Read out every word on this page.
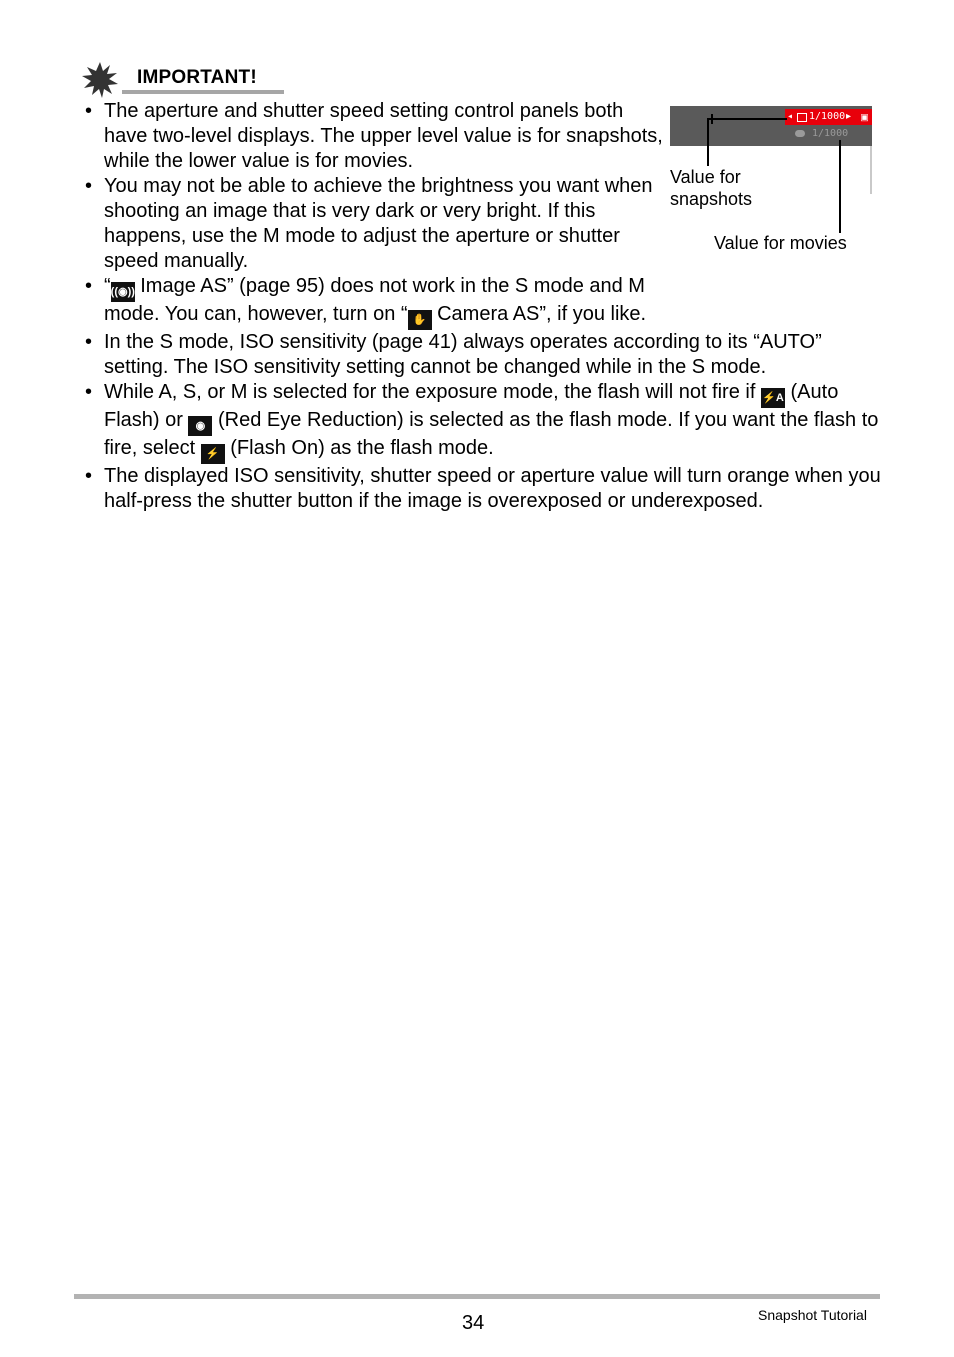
IMPORTANT!
• The aperture and shutter speed setting control panels both have two-level displays. The upper level value is for snapshots, while the lower value is for movies.
• You may not be able to achieve the brightness you want when shooting an image that is very dark or very bright. If this happens, use the M mode to adjust the aperture or shutter speed manually.
• “((◉)) Image AS” (page 95) does not work in the S mode and M mode. You can, however, turn on “ ✋ Camera AS”, if you like.
• In the S mode, ISO sensitivity (page 41) always operates according to its “AUTO” setting. The ISO sensitivity setting cannot be changed while in the S mode.
• While A, S, or M is selected for the exposure mode, the flash will not fire if ⚡A (Auto Flash) or ◉ (Red Eye Reduction) is selected as the flash mode. If you want the flash to fire, select ⚡ (Flash On) as the flash mode.
• The displayed ISO sensitivity, shutter speed or aperture value will turn orange when you half-press the shutter button if the image is overexposed or underexposed.
◂ 1/1000 ▸	▣
1/1000
Value for snapshots
Value for movies
34	Snapshot Tutorial
